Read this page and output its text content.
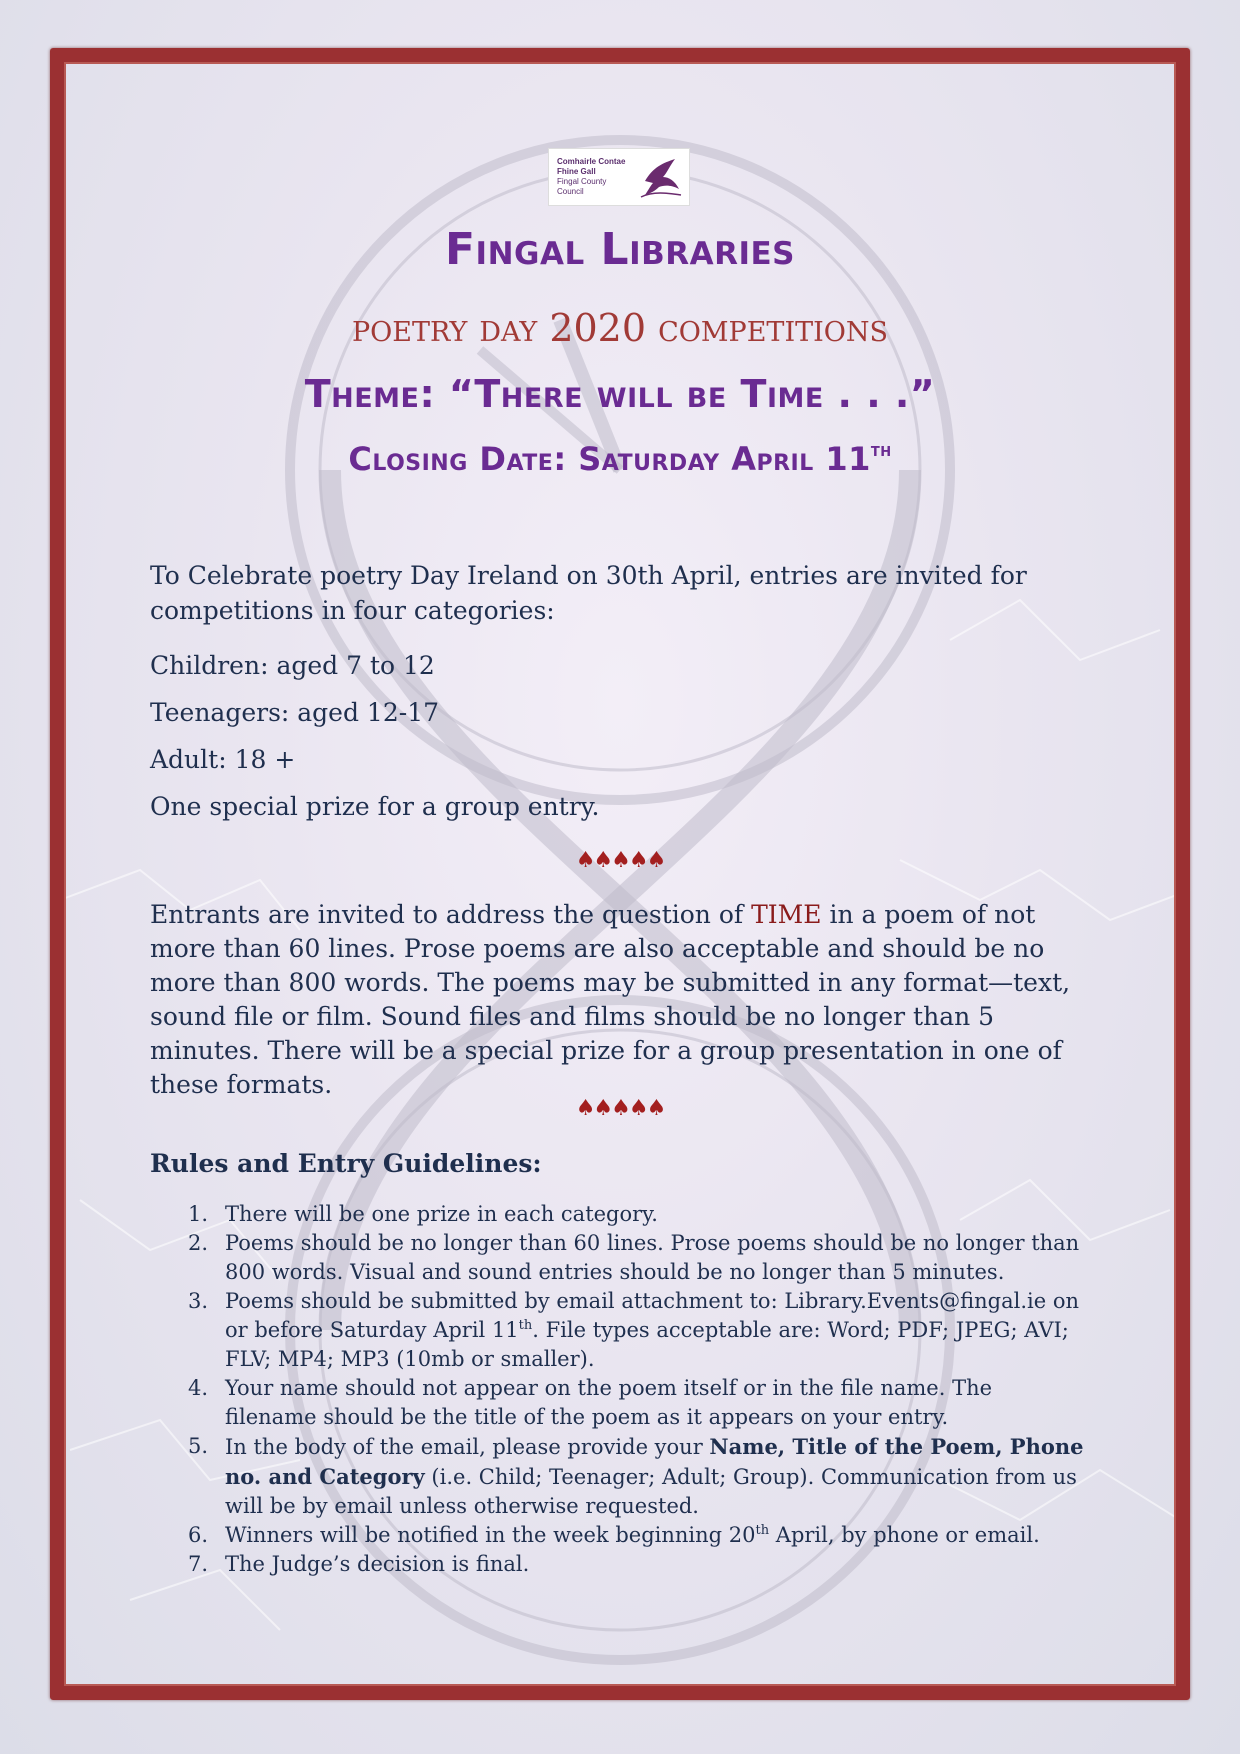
Comhairle Contae
Fhine Gall
Fingal County
Council
Fingal Libraries
poetry day 2020 competitions
Theme: “There will be Time . . .”
Closing Date: Saturday April 11th
To Celebrate poetry Day Ireland on 30th April, entries are invited for competitions in four categories:
Children: aged 7 to 12
Teenagers: aged 12-17
Adult: 18 +
One special prize for a group entry.
♠♠♠♠♠
Entrants are invited to address the question of TIME in a poem of not more than 60 lines. Prose poems are also acceptable and should be no more than 800 words. The poems may be submitted in any format—text, sound file or film. Sound files and films should be no longer than 5 minutes. There will be a special prize for a group presentation in one of these formats.
♠♠♠♠♠
Rules and Entry Guidelines:
1. There will be one prize in each category.
2. Poems should be no longer than 60 lines. Prose poems should be no longer than 800 words. Visual and sound entries should be no longer than 5 minutes.
3. Poems should be submitted by email attachment to: Library.Events@fingal.ie on or before Saturday April 11th. File types acceptable are: Word; PDF; JPEG; AVI; FLV; MP4; MP3 (10mb or smaller).
4. Your name should not appear on the poem itself or in the file name. The filename should be the title of the poem as it appears on your entry.
5. In the body of the email, please provide your Name, Title of the Poem, Phone no. and Category (i.e. Child; Teenager; Adult; Group). Communication from us will be by email unless otherwise requested.
6. Winners will be notified in the week beginning 20th April, by phone or email.
7. The Judge’s decision is final.
